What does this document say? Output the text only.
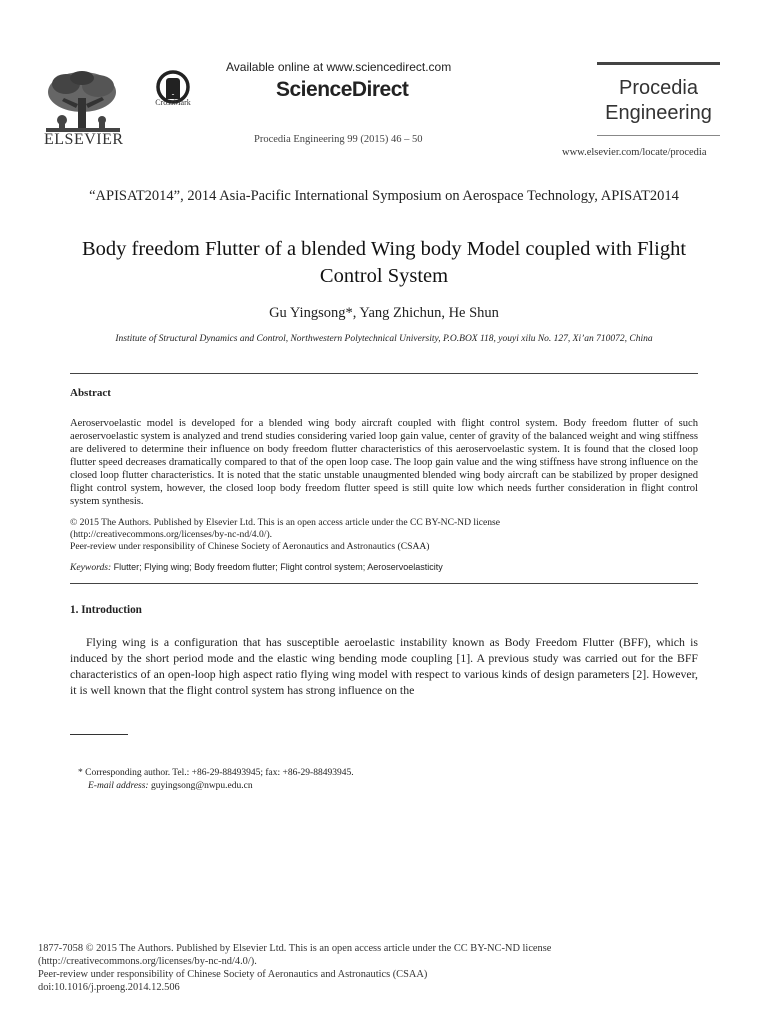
ELSEVIER
CrossMark
Available online at www.sciencedirect.com
ScienceDirect
Procedia Engineering 99 (2015) 46 – 50
Procedia
Engineering
www.elsevier.com/locate/procedia
“APISAT2014”, 2014 Asia-Pacific International Symposium on Aerospace Technology, APISAT2014
Body freedom Flutter of a blended Wing body Model coupled with Flight Control System
Gu Yingsong*, Yang Zhichun, He Shun
Institute of Structural Dynamics and Control, Northwestern Polytechnical University, P.O.BOX 118, youyi xilu No. 127, Xi’an 710072, China
Abstract
Aeroservoelastic model is developed for a blended wing body aircraft coupled with flight control system. Body freedom flutter of such aeroservoelastic system is analyzed and trend studies considering varied loop gain value, center of gravity of the balanced weight and wing stiffness are delivered to determine their influence on body freedom flutter characteristics of this aeroservoelastic system. It is found that the closed loop flutter speed decreases dramatically compared to that of the open loop case. The loop gain value and the wing stiffness have strong influence on the closed loop flutter characteristics. It is noted that the static unstable unaugmented blended wing body aircraft can be stabilized by proper designed flight control system, however, the closed loop body freedom flutter speed is still quite low which needs further consideration in flight control system synthesis.
© 2015 The Authors. Published by Elsevier Ltd. This is an open access article under the CC BY-NC-ND license
(http://creativecommons.org/licenses/by-nc-nd/4.0/).
Peer-review under responsibility of Chinese Society of Aeronautics and Astronautics (CSAA)
Keywords: Flutter; Flying wing; Body freedom flutter; Flight control system; Aeroservoelasticity
1. Introduction
Flying wing is a configuration that has susceptible aeroelastic instability known as Body Freedom Flutter (BFF), which is induced by the short period mode and the elastic wing bending mode coupling [1]. A previous study was carried out for the BFF characteristics of an open-loop high aspect ratio flying wing model with respect to various kinds of design parameters [2]. However, it is well known that the flight control system has strong influence on the
* Corresponding author. Tel.: +86-29-88493945; fax: +86-29-88493945.
E-mail address: guyingsong@nwpu.edu.cn
1877-7058 © 2015 The Authors. Published by Elsevier Ltd. This is an open access article under the CC BY-NC-ND license
(http://creativecommons.org/licenses/by-nc-nd/4.0/).
Peer-review under responsibility of Chinese Society of Aeronautics and Astronautics (CSAA)
doi:10.1016/j.proeng.2014.12.506
